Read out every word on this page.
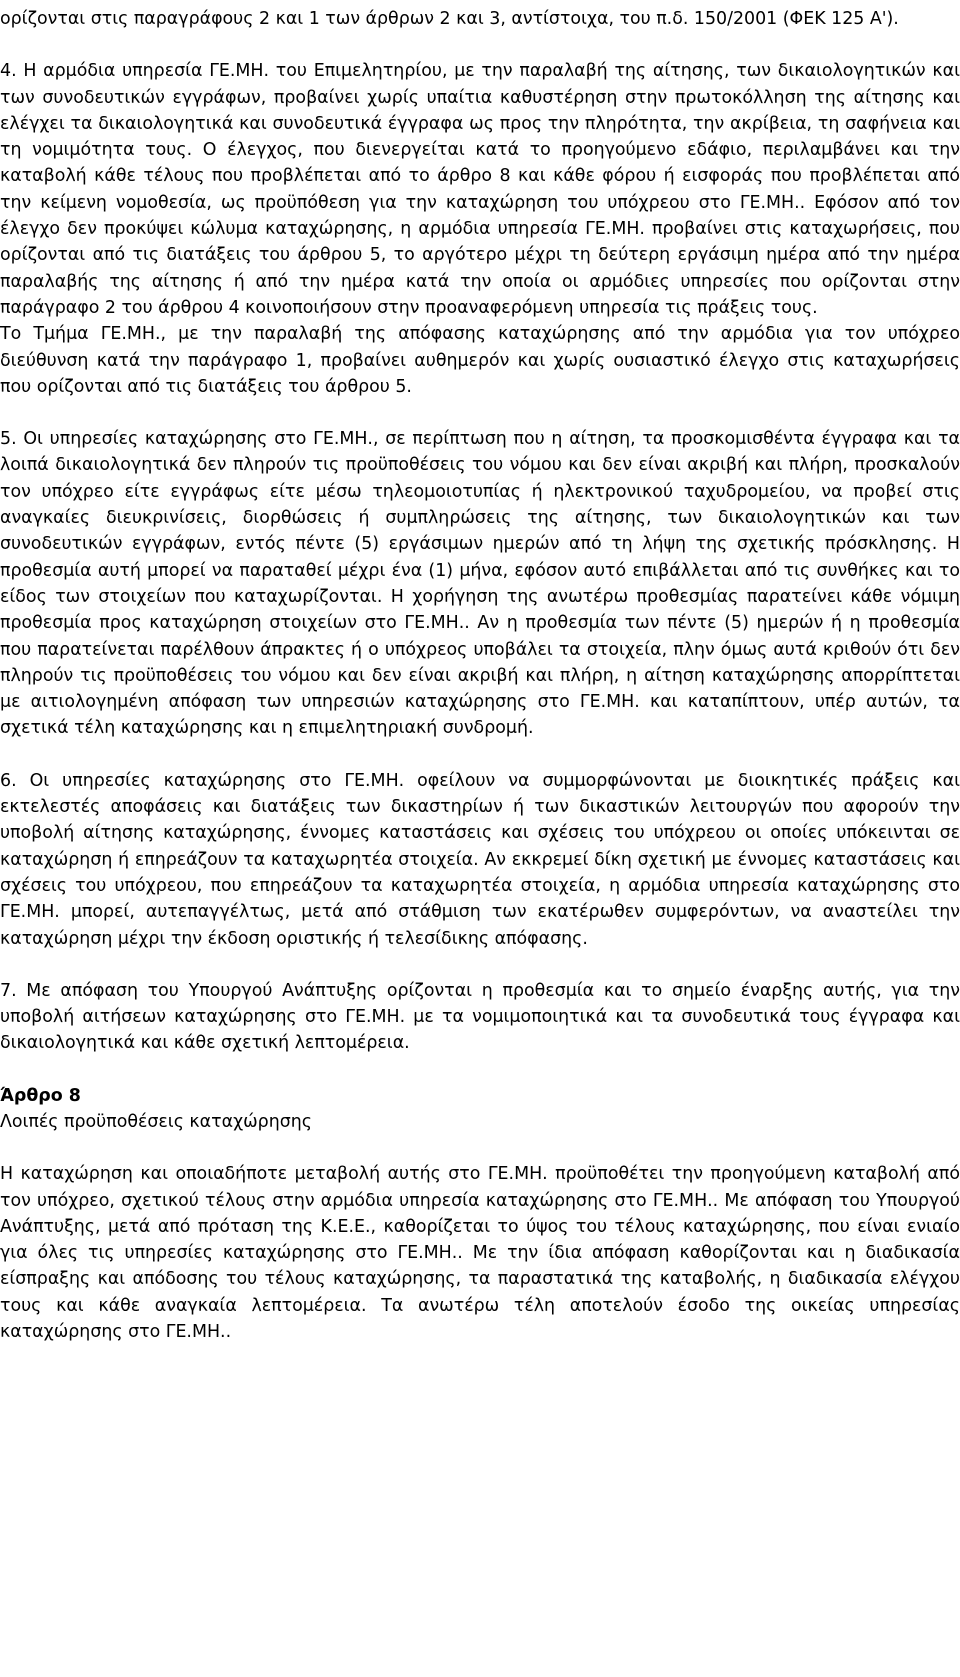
ορίζονται στις παραγράφους 2 και 1 των άρθρων 2 και 3, αντίστοιχα, του π.δ. 150/2001 (ΦΕΚ 125 Α').

4. Η αρμόδια υπηρεσία ΓΕ.ΜΗ. του Επιμελητηρίου, με την παραλαβή της αίτησης, των δικαιολογητικών και των συνοδευτικών εγγράφων, προβαίνει χωρίς υπαίτια καθυστέρηση στην πρωτοκόλληση της αίτησης και ελέγχει τα δικαιολογητικά και συνοδευτικά έγγραφα ως προς την πληρότητα, την ακρίβεια, τη σαφήνεια και τη νομιμότητα τους. Ο έλεγχος, που διενεργείται κατά το προηγούμενο εδάφιο, περιλαμβάνει και την καταβολή κάθε τέλους που προβλέπεται από το άρθρο 8 και κάθε φόρου ή εισφοράς που προβλέπεται από την κείμενη νομοθεσία, ως προϋπόθεση για την καταχώρηση του υπόχρεου στο ΓΕ.ΜΗ.. Εφόσον από τον έλεγχο δεν προκύψει κώλυμα καταχώρησης, η αρμόδια υπηρεσία ΓΕ.ΜΗ. προβαίνει στις καταχωρήσεις, που ορίζονται από τις διατάξεις του άρθρου 5, το αργότερο μέχρι τη δεύτερη εργάσιμη ημέρα από την ημέρα παραλαβής της αίτησης ή από την ημέρα κατά την οποία οι αρμόδιες υπηρεσίες που ορίζονται στην παράγραφο 2 του άρθρου 4 κοινοποιήσουν στην προαναφερόμενη υπηρεσία τις πράξεις τους.

Το Τμήμα ΓΕ.ΜΗ., με την παραλαβή της απόφασης καταχώρησης από την αρμόδια για τον υπόχρεο διεύθυνση κατά την παράγραφο 1, προβαίνει αυθημερόν και χωρίς ουσιαστικό έλεγχο στις καταχωρήσεις που ορίζονται από τις διατάξεις του άρθρου 5.

5. Οι υπηρεσίες καταχώρησης στο ΓΕ.ΜΗ., σε περίπτωση που η αίτηση, τα προσκομισθέντα έγγραφα και τα λοιπά δικαιολογητικά δεν πληρούν τις προϋποθέσεις του νόμου και δεν είναι ακριβή και πλήρη, προσκαλούν τον υπόχρεο είτε εγγράφως είτε μέσω τηλεομοιοτυπίας ή ηλεκτρονικού ταχυδρομείου, να προβεί στις αναγκαίες διευκρινίσεις, διορθώσεις ή συμπληρώσεις της αίτησης, των δικαιολογητικών και των συνοδευτικών εγγράφων, εντός πέντε (5) εργάσιμων ημερών από τη λήψη της σχετικής πρόσκλησης. Η προθεσμία αυτή μπορεί να παραταθεί μέχρι ένα (1) μήνα, εφόσον αυτό επιβάλλεται από τις συνθήκες και το είδος των στοιχείων που καταχωρίζονται. Η χορήγηση της ανωτέρω προθεσμίας παρατείνει κάθε νόμιμη προθεσμία προς καταχώρηση στοιχείων στο ΓΕ.ΜΗ.. Αν η προθεσμία των πέντε (5) ημερών ή η προθεσμία που παρατείνεται παρέλθουν άπρακτες ή ο υπόχρεος υποβάλει τα στοιχεία, πλην όμως αυτά κριθούν ότι δεν πληρούν τις προϋποθέσεις του νόμου και δεν είναι ακριβή και πλήρη, η αίτηση καταχώρησης απορρίπτεται με αιτιολογημένη απόφαση των υπηρεσιών καταχώρησης στο ΓΕ.ΜΗ. και καταπίπτουν, υπέρ αυτών, τα σχετικά τέλη καταχώρησης και η επιμελητηριακή συνδρομή.

6. Οι υπηρεσίες καταχώρησης στο ΓΕ.ΜΗ. οφείλουν να συμμορφώνονται με διοικητικές πράξεις και εκτελεστές αποφάσεις και διατάξεις των δικαστηρίων ή των δικαστικών λειτουργών που αφορούν την υποβολή αίτησης καταχώρησης, έννομες καταστάσεις και σχέσεις του υπόχρεου οι οποίες υπόκεινται σε καταχώρηση ή επηρεάζουν τα καταχωρητέα στοιχεία. Αν εκκρεμεί δίκη σχετική με έννομες καταστάσεις και σχέσεις του υπόχρεου, που επηρεάζουν τα καταχωρητέα στοιχεία, η αρμόδια υπηρεσία καταχώρησης στο ΓΕ.ΜΗ. μπορεί, αυτεπαγγέλτως, μετά από στάθμιση των εκατέρωθεν συμφερόντων, να αναστείλει την καταχώρηση μέχρι την έκδοση οριστικής ή τελεσίδικης απόφασης.

7. Με απόφαση του Υπουργού Ανάπτυξης ορίζονται η προθεσμία και το σημείο έναρξης αυτής, για την υποβολή αιτήσεων καταχώρησης στο ΓΕ.ΜΗ. με τα νομιμοποιητικά και τα συνοδευτικά τους έγγραφα και δικαιολογητικά και κάθε σχετική λεπτομέρεια.

Άρθρο 8

Λοιπές προϋποθέσεις καταχώρησης

Η καταχώρηση και οποιαδήποτε μεταβολή αυτής στο ΓΕ.ΜΗ. προϋποθέτει την προηγούμενη καταβολή από τον υπόχρεο, σχετικού τέλους στην αρμόδια υπηρεσία καταχώρησης στο ΓΕ.ΜΗ.. Με απόφαση του Υπουργού Ανάπτυξης, μετά από πρόταση της Κ.Ε.Ε., καθορίζεται το ύψος του τέλους καταχώρησης, που είναι ενιαίο για όλες τις υπηρεσίες καταχώρησης στο ΓΕ.ΜΗ.. Με την ίδια απόφαση καθορίζονται και η διαδικασία είσπραξης και απόδοσης του τέλους καταχώρησης, τα παραστατικά της καταβολής, η διαδικασία ελέγχου τους και κάθε αναγκαία λεπτομέρεια. Τα ανωτέρω τέλη αποτελούν έσοδο της οικείας υπηρεσίας καταχώρησης στο ΓΕ.ΜΗ..
